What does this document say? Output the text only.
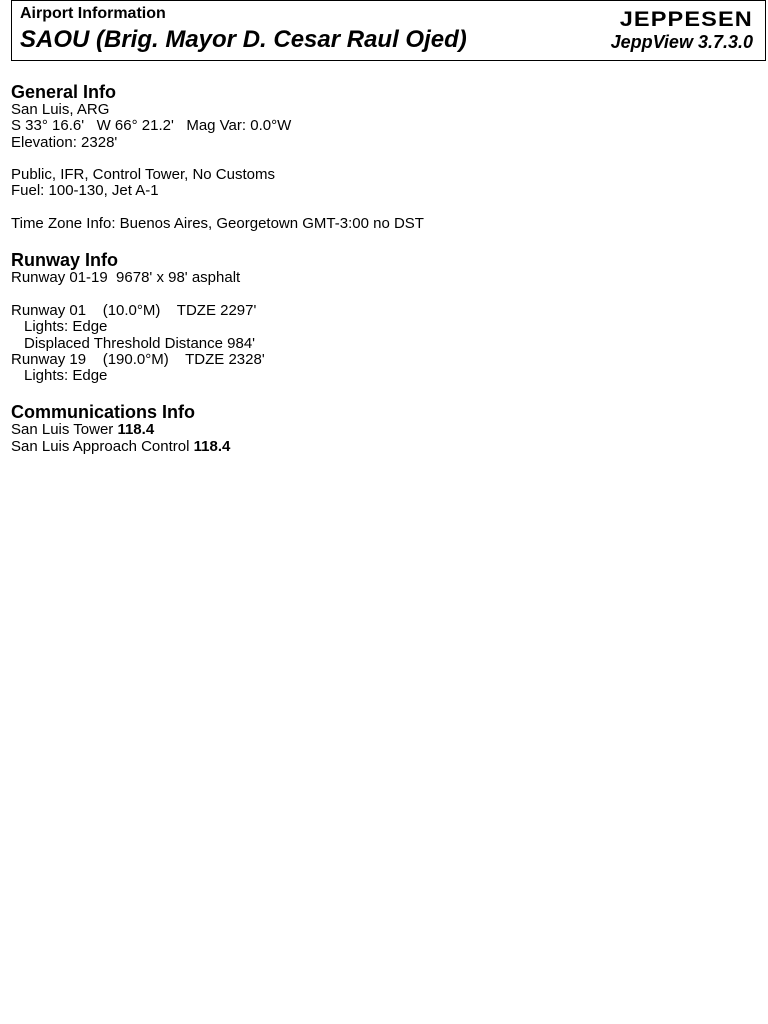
Airport Information
SAOU (Brig. Mayor D. Cesar Raul Ojed)
JEPPESEN
JeppView 3.7.3.0
General Info
San Luis, ARG
S 33° 16.6'   W 66° 21.2'   Mag Var: 0.0°W
Elevation: 2328'
Public, IFR, Control Tower, No Customs
Fuel: 100-130, Jet A-1
Time Zone Info: Buenos Aires, Georgetown GMT-3:00 no DST
Runway Info
Runway 01-19  9678' x 98' asphalt
Runway 01    (10.0°M)    TDZE 2297'
Lights: Edge
Displaced Threshold Distance 984'
Runway 19    (190.0°M)    TDZE 2328'
Lights: Edge
Communications Info
San Luis Tower 118.4
San Luis Approach Control 118.4
